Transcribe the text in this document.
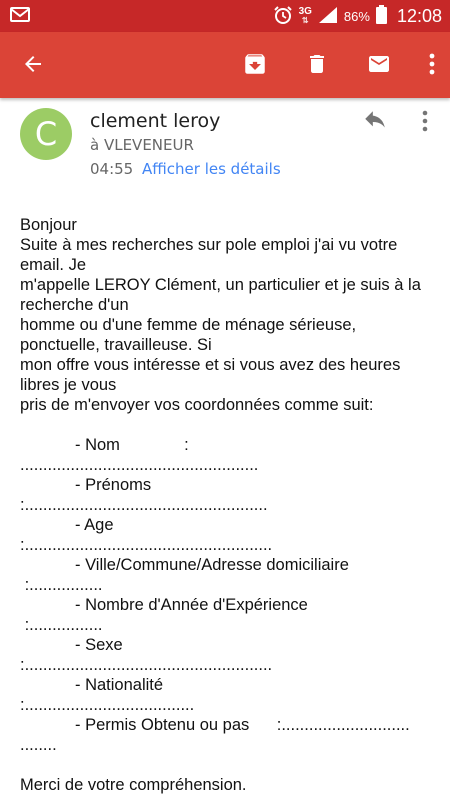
3G
⇅	86% 12:08
C	clement leroy
à VLEVENEUR
04:55 Afficher les détails
Bonjour
Suite à mes recherches sur pole emploi j'ai vu votre email. Je
m'appelle LEROY Clément, un particulier et je suis à la recherche d'un
homme ou d'une femme de ménage sérieuse, ponctuelle, travailleuse. Si
mon offre vous intéresse et si vous avez des heures libres je vous
pris de m'envoyer vos coordonnées comme suit:
- Nom              :
....................................................
- Prénoms
:.....................................................
- Age
:......................................................
- Ville/Commune/Adresse domiciliaire
:................
- Nombre d'Année d'Expérience
:................
- Sexe
:......................................................
- Nationalité
:.....................................
- Permis Obtenu ou pas      :............................
........
Merci de votre compréhension.
